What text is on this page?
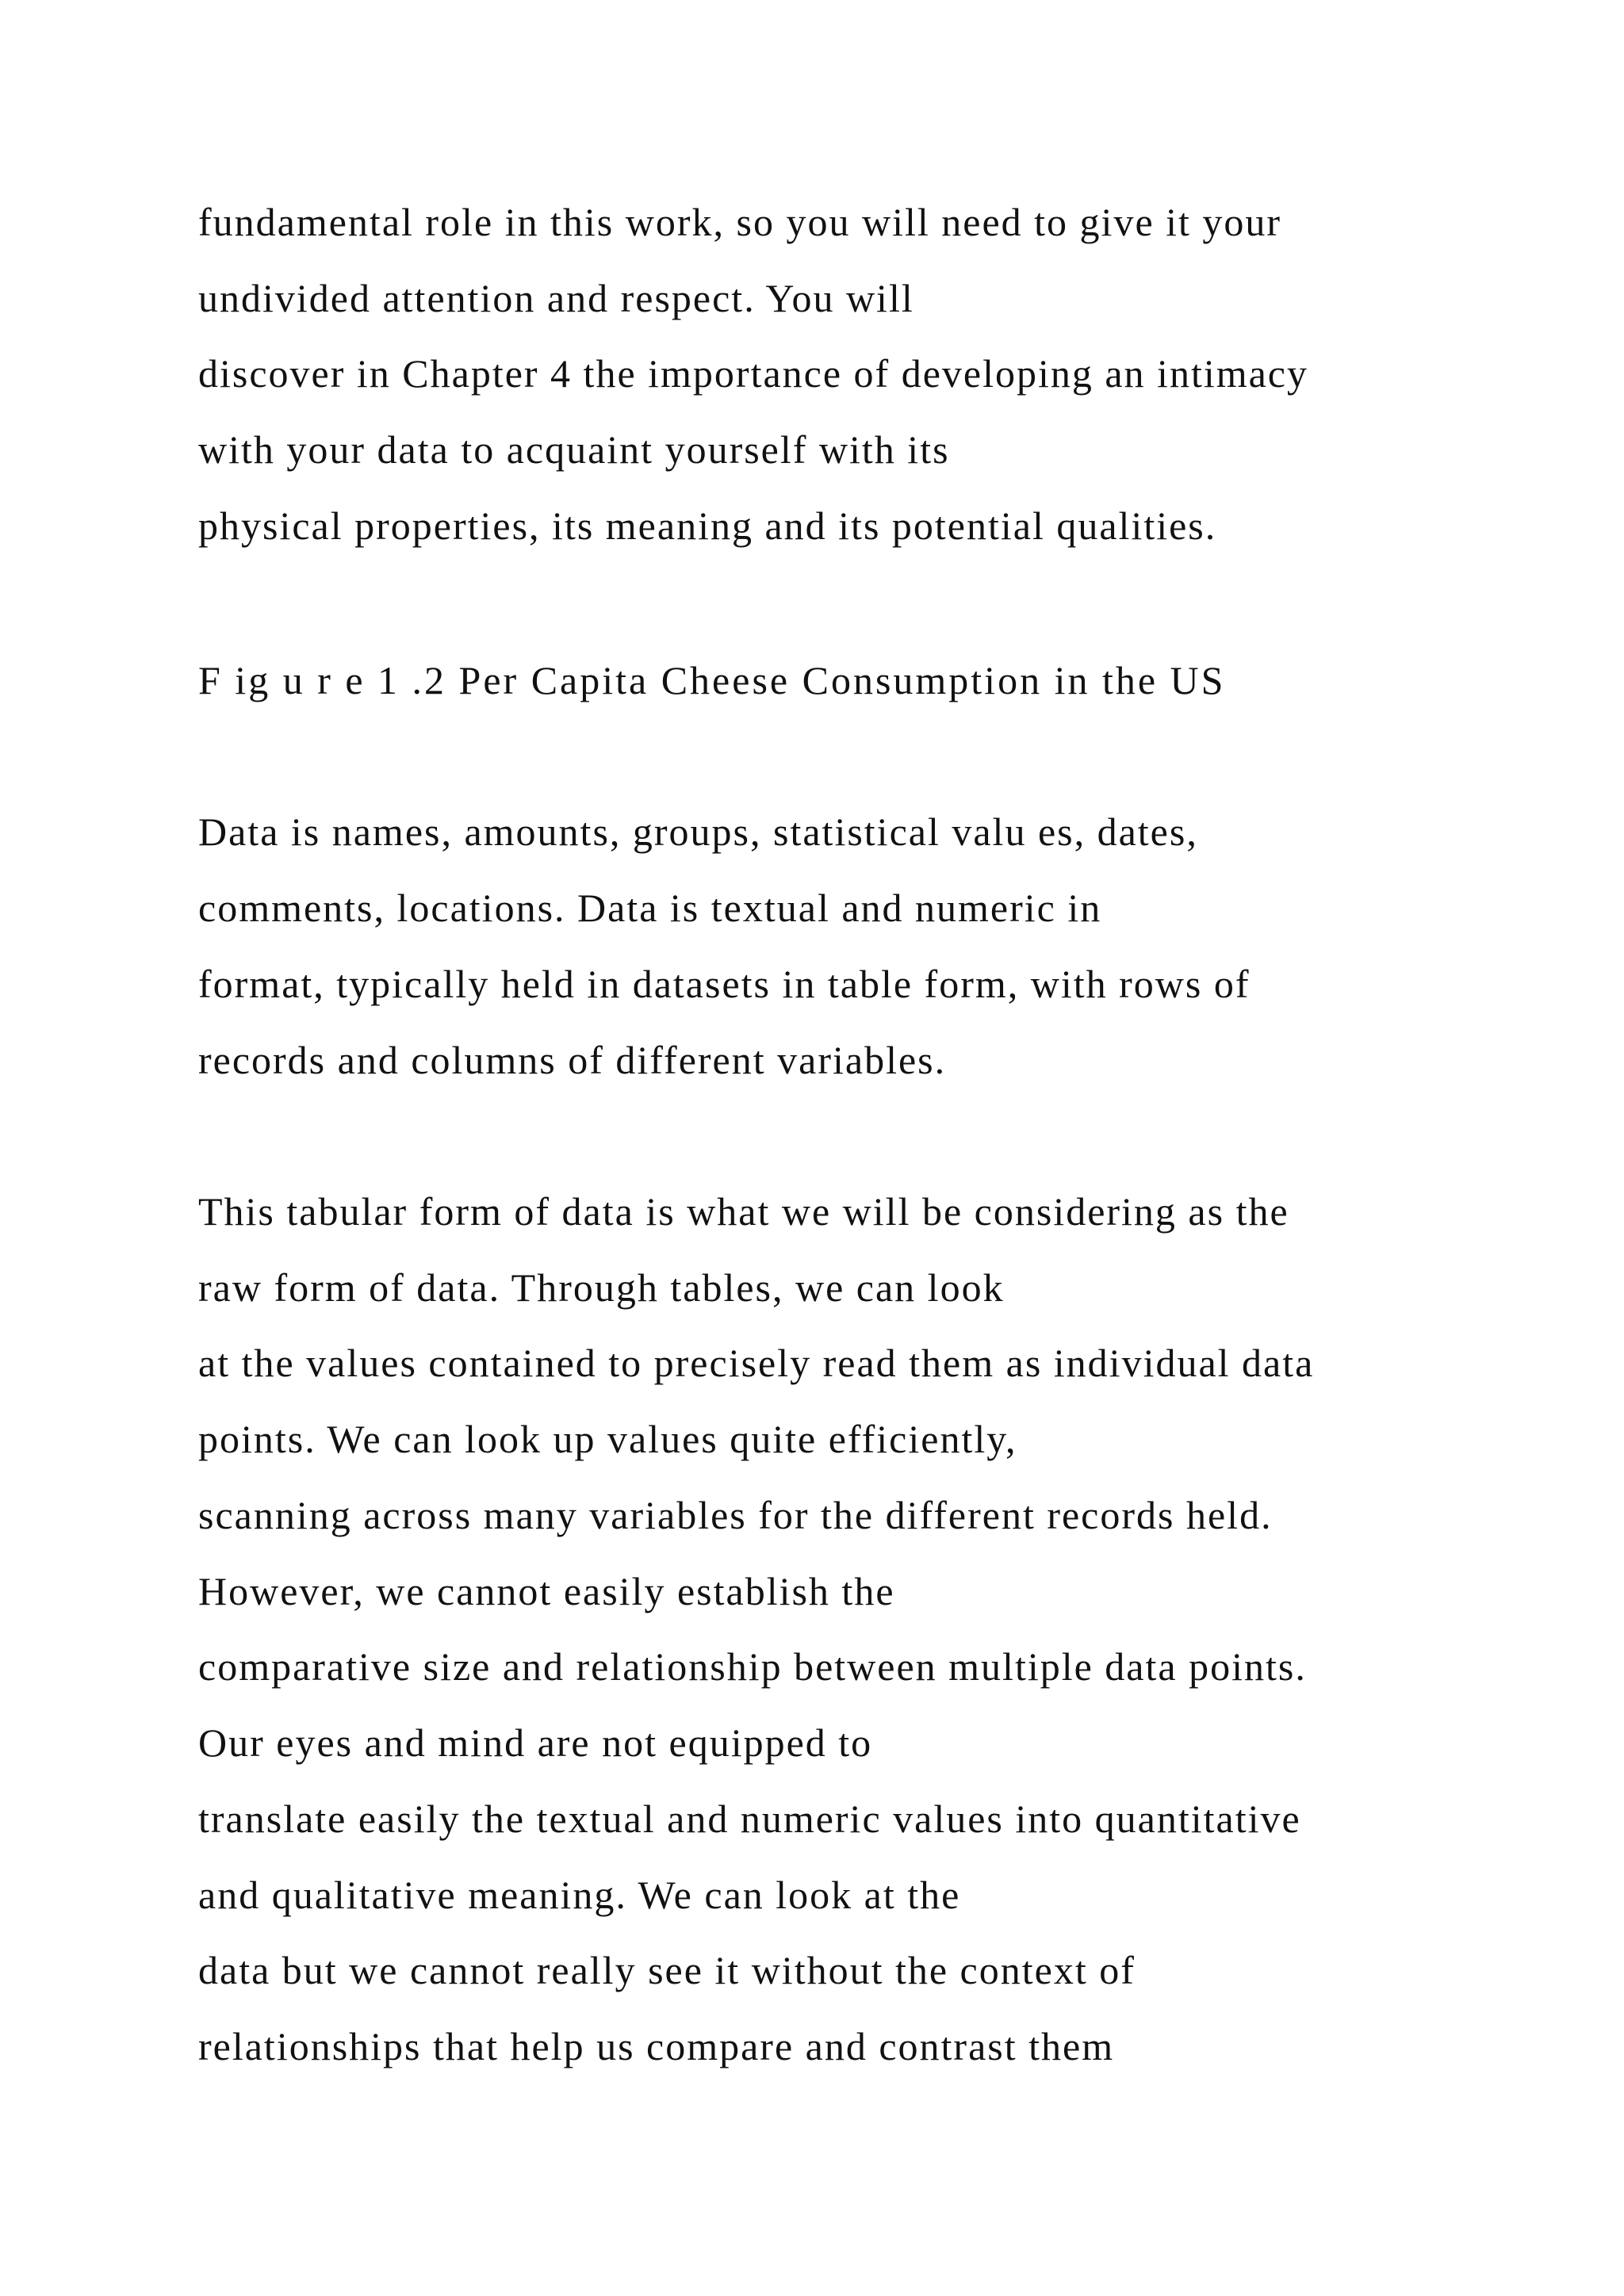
fundamental role in this work, so you will need to give it your
undivided attention and respect. You will
discover in Chapter 4 the importance of developing an intimacy
with your data to acquaint yourself with its
physical properties, its meaning and its potential qualities.
F ig u r e 1 .2 Per Capita Cheese Consumption in the US
Data is names, amounts, groups, statistical valu es, dates,
comments, locations. Data is textual and numeric in
format, typically held in datasets in table form, with rows of
records and columns of different variables.
This tabular form of data is what we will be considering as the
raw form of data. Through tables, we can look
at the values contained to precisely read them as individual data
points. We can look up values quite efficiently,
scanning across many variables for the different records held.
However, we cannot easily establish the
comparative size and relationship between multiple data points.
Our eyes and mind are not equipped to
translate easily the textual and numeric values into quantitative
and qualitative meaning. We can look at the
data but we cannot really see it without the context of
relationships that help us compare and contrast them
